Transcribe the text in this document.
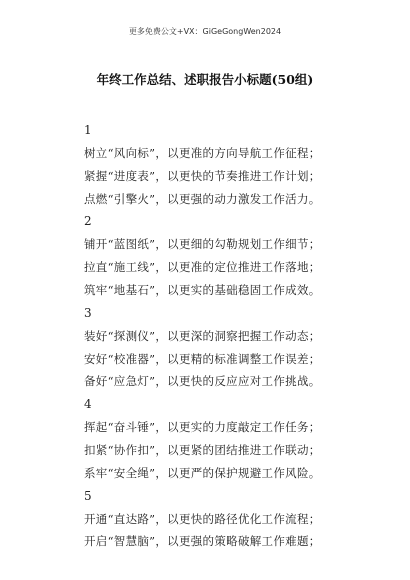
更多免费公文+VX：GiGeGongWen2024
年终工作总结、述职报告小标题(50组)
1
树立“风向标”，以更准的方向导航工作征程；
紧握“进度表”，以更快的节奏推进工作计划；
点燃“引擎火”，以更强的动力激发工作活力。
2
铺开“蓝图纸”，以更细的勾勒规划工作细节；
拉直“施工线”，以更准的定位推进工作落地；
筑牢“地基石”，以更实的基础稳固工作成效。
3
装好“探测仪”，以更深的洞察把握工作动态；
安好“校准器”，以更精的标准调整工作误差；
备好“应急灯”，以更快的反应应对工作挑战。
4
挥起“奋斗锤”，以更实的力度敲定工作任务；
扣紧“协作扣”，以更紧的团结推进工作联动；
系牢“安全绳”，以更严的保护规避工作风险。
5
开通“直达路”，以更快的路径优化工作流程；
开启“智慧脑”，以更强的策略破解工作难题；
